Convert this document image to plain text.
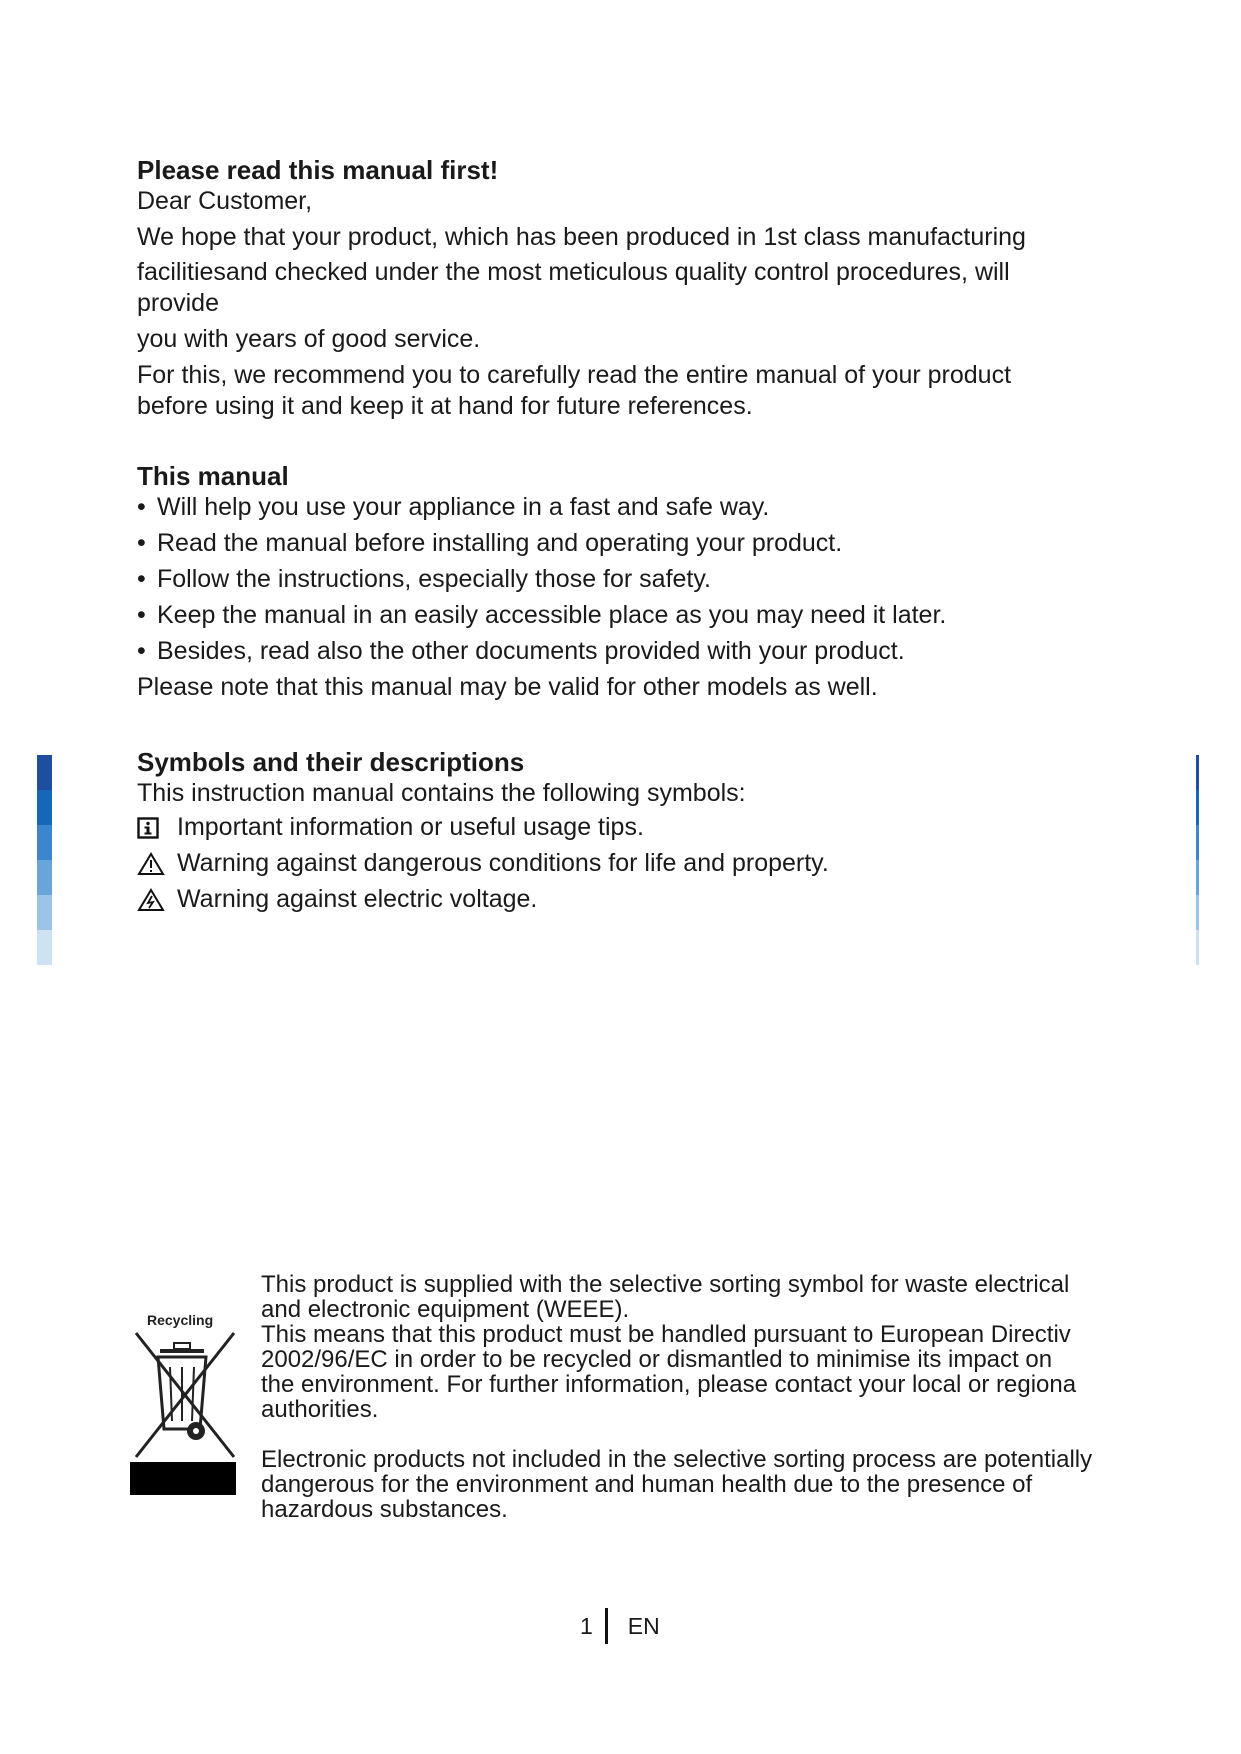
Please read this manual first!

Dear Customer,

We hope that your product, which has been produced in 1st class manufacturing

facilitiesand checked under the most meticulous quality control procedures, will

provide

you with years of good service.

For this, we recommend you to carefully read the entire manual of your product

before using it and keep it at hand for future references.

This manual

• Will help you use your appliance in a fast and safe way.

• Read the manual before installing and operating your product.

• Follow the instructions, especially those for safety.

• Keep the manual in an easily accessible place as you may need it later.

• Besides, read also the other documents provided with your product.

Please note that this manual may be valid for other models as well.

Symbols and their descriptions

This instruction manual contains the following symbols:

Important information or useful usage tips.
Warning against dangerous conditions for life and property.
Warning against electric voltage.
Recycling

This product is supplied with the selective sorting symbol for waste electrical

and electronic equipment (WEEE).

This means that this product must be handled pursuant to European Directiv

2002/96/EC in order to be recycled or dismantled to minimise its impact on

the environment. For further information, please contact your local or regiona

authorities.

Electronic products not included in the selective sorting process are potentially

dangerous for the environment and human health due to the presence of

hazardous substances.

1 EN
